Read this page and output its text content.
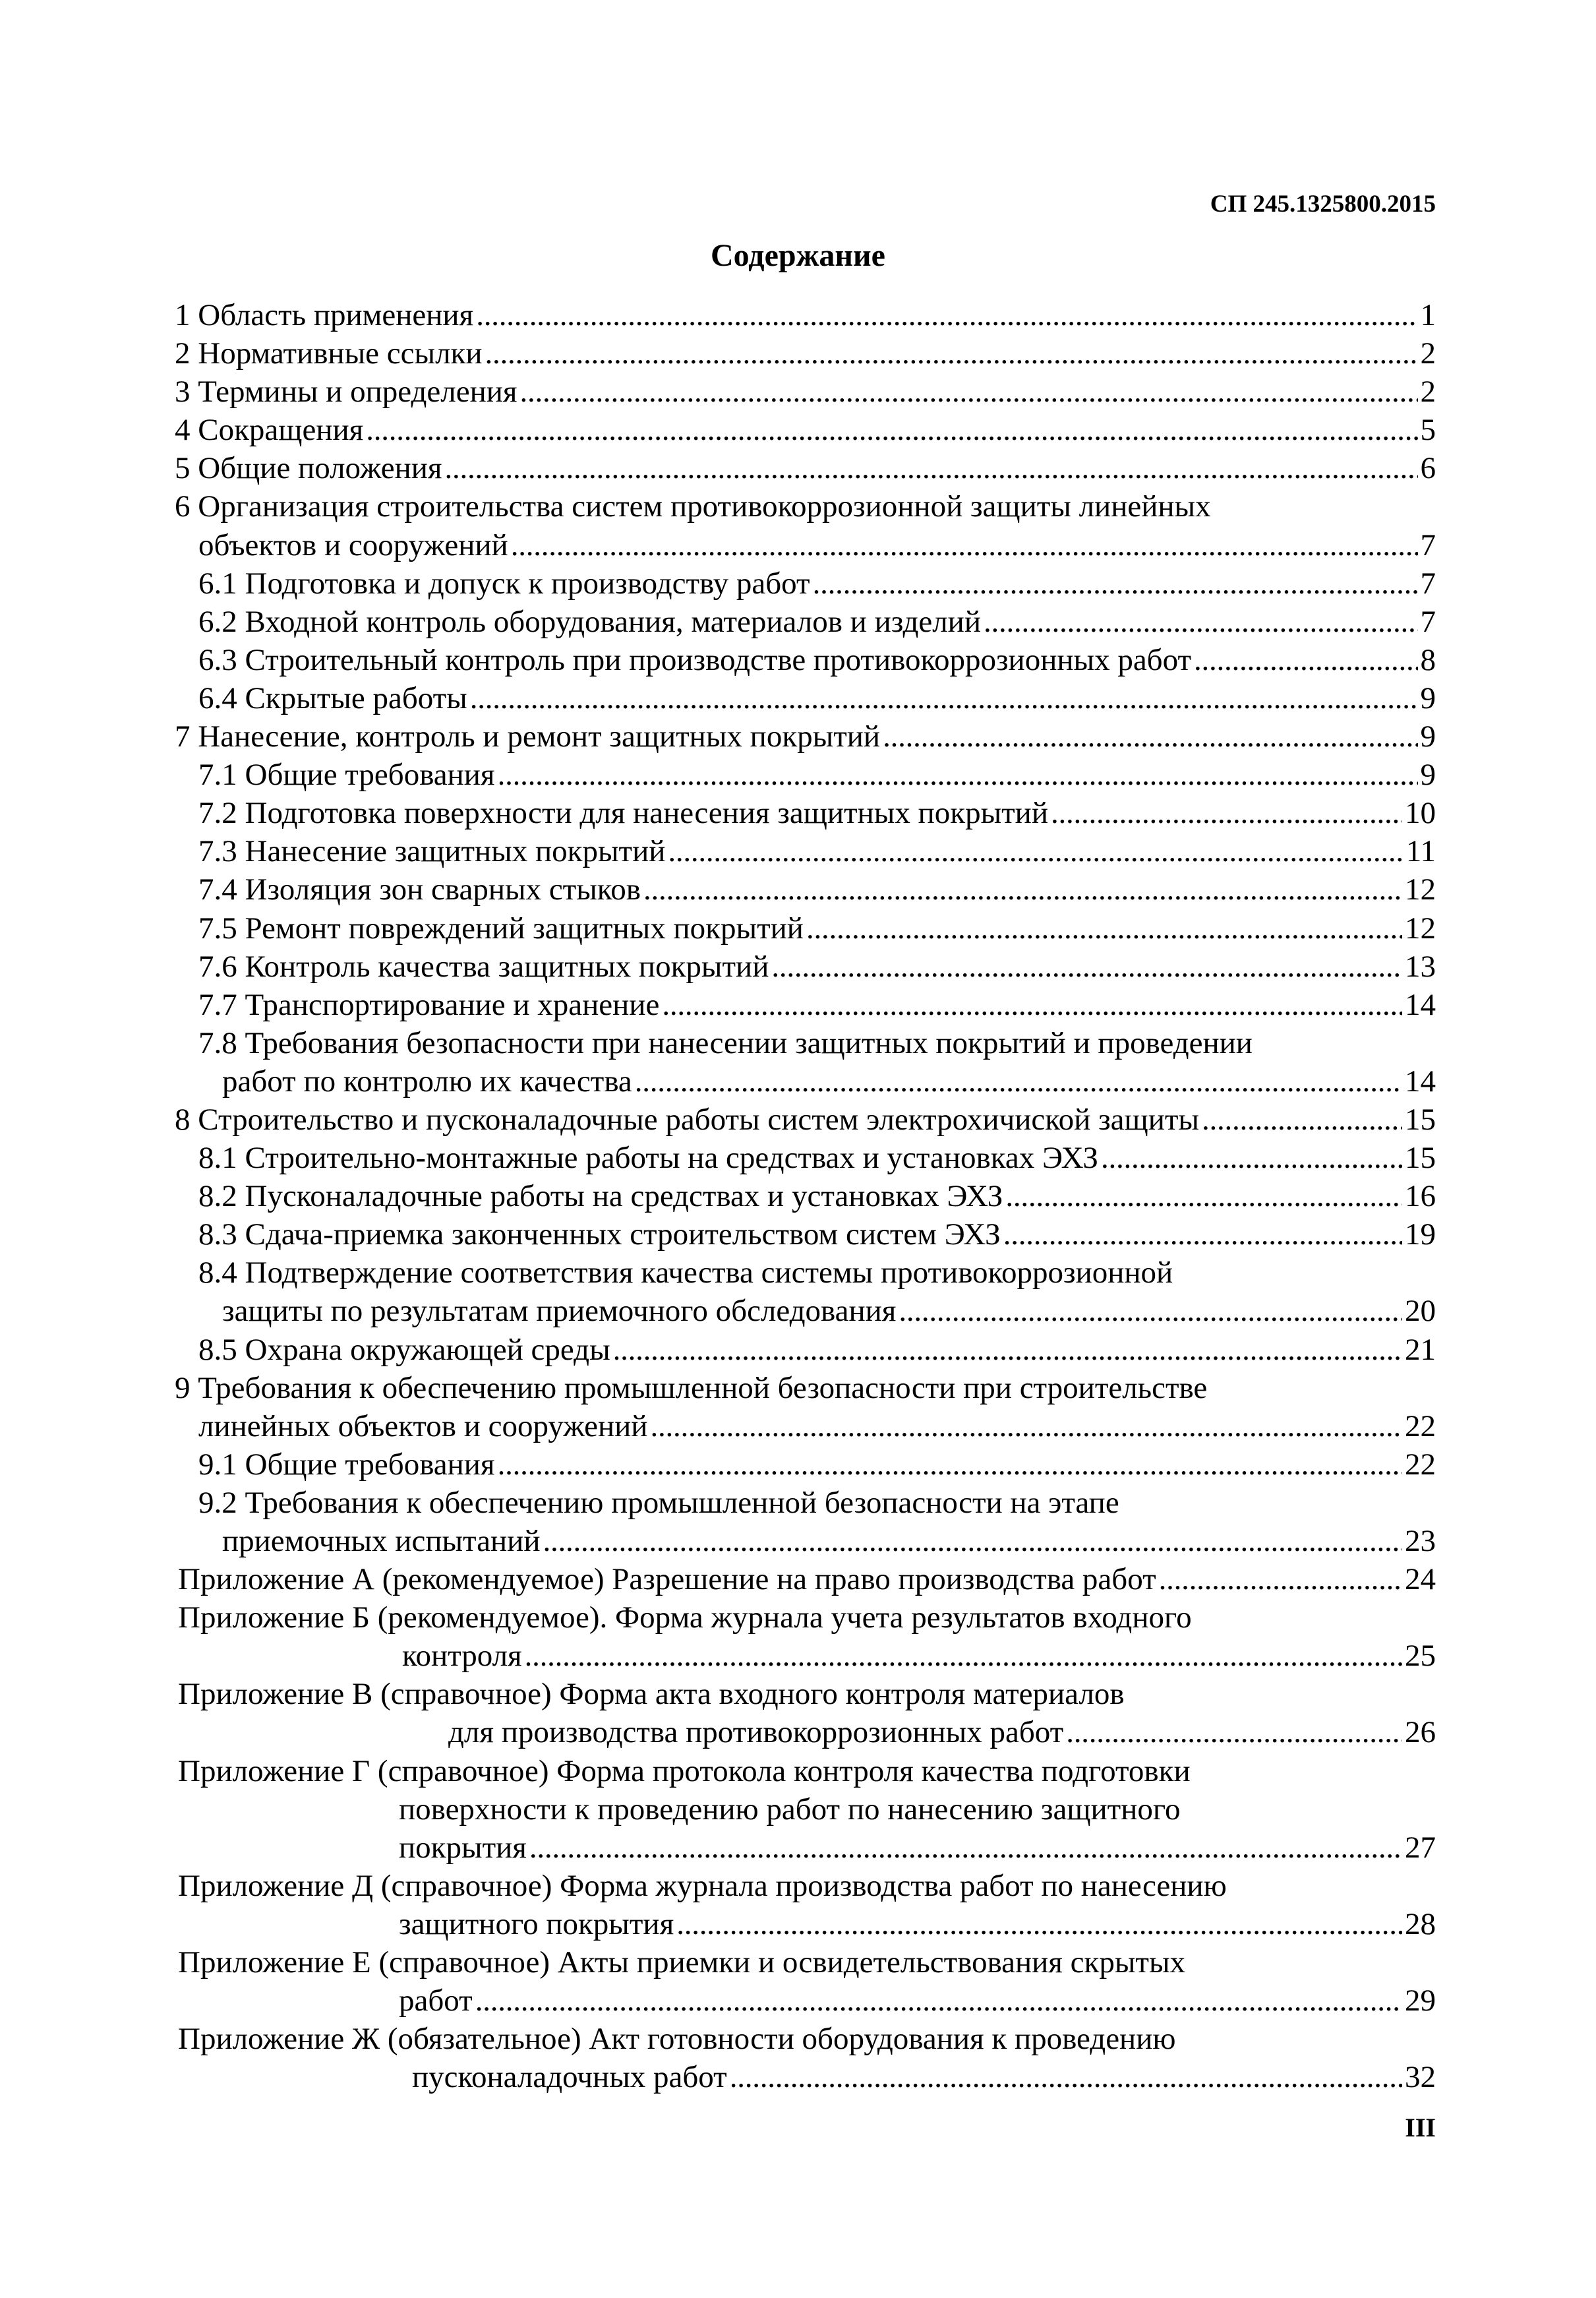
СП 245.1325800.2015
Содержание
1 Область применения . . .	1
2 Нормативные ссылки . . .	2
3 Термины и определения . . .	2
4 Сокращения . . .	5
5 Общие положения . . .	6
6 Организация строительства систем противокоррозионной защиты линейных
объектов и сооружений . . .	7
6.1 Подготовка и допуск к производству работ . . .	7
6.2 Входной контроль оборудования, материалов и изделий . . .	7
6.3 Строительный контроль при производстве противокоррозионных работ . . .	8
6.4 Скрытые работы . . .	9
7 Нанесение, контроль и ремонт защитных покрытий . . .	9
7.1 Общие требования . . .	9
7.2 Подготовка поверхности для нанесения защитных покрытий . . .	10
7.3 Нанесение защитных покрытий . . .	11
7.4 Изоляция зон сварных стыков . . .	12
7.5 Ремонт повреждений защитных покрытий . . .	12
7.6 Контроль качества защитных покрытий . . .	13
7.7 Транспортирование и хранение . . .	14
7.8 Требования безопасности при нанесении защитных покрытий и проведении
работ по контролю их качества . . .	14
8 Строительство и пусконаладочные работы систем электрохичиской защиты . . .	15
8.1 Строительно-монтажные работы на средствах и установках ЭХЗ . . .	15
8.2 Пусконаладочные работы на средствах и установках ЭХЗ . . .	16
8.3 Сдача-приемка законченных строительством систем ЭХЗ . . .	19
8.4 Подтверждение соответствия качества системы противокоррозионной
защиты по результатам приемочного обследования . . .	20
8.5 Охрана окружающей среды . . .	21
9 Требования к обеспечению промышленной безопасности при строительстве
линейных объектов и сооружений . . .	22
9.1 Общие требования . . .	22
9.2 Требования к обеспечению промышленной безопасности на этапе
приемочных испытаний . . .	23
Приложение А (рекомендуемое) Разрешение на право производства работ . . .	24
Приложение Б (рекомендуемое). Форма журнала учета результатов входного
контроля . . .	25
Приложение В (справочное) Форма акта входного контроля материалов
для производства противокоррозионных работ . . .	26
Приложение Г (справочное) Форма протокола контроля качества подготовки
поверхности к проведению работ по нанесению защитного
покрытия . . .	27
Приложение Д (справочное) Форма журнала производства работ по нанесению
защитного покрытия . . .	28
Приложение Е (справочное) Акты приемки и освидетельствования скрытых
работ . . .	29
Приложение Ж (обязательное) Акт готовности оборудования к проведению
пусконаладочных работ . . .	32
III
